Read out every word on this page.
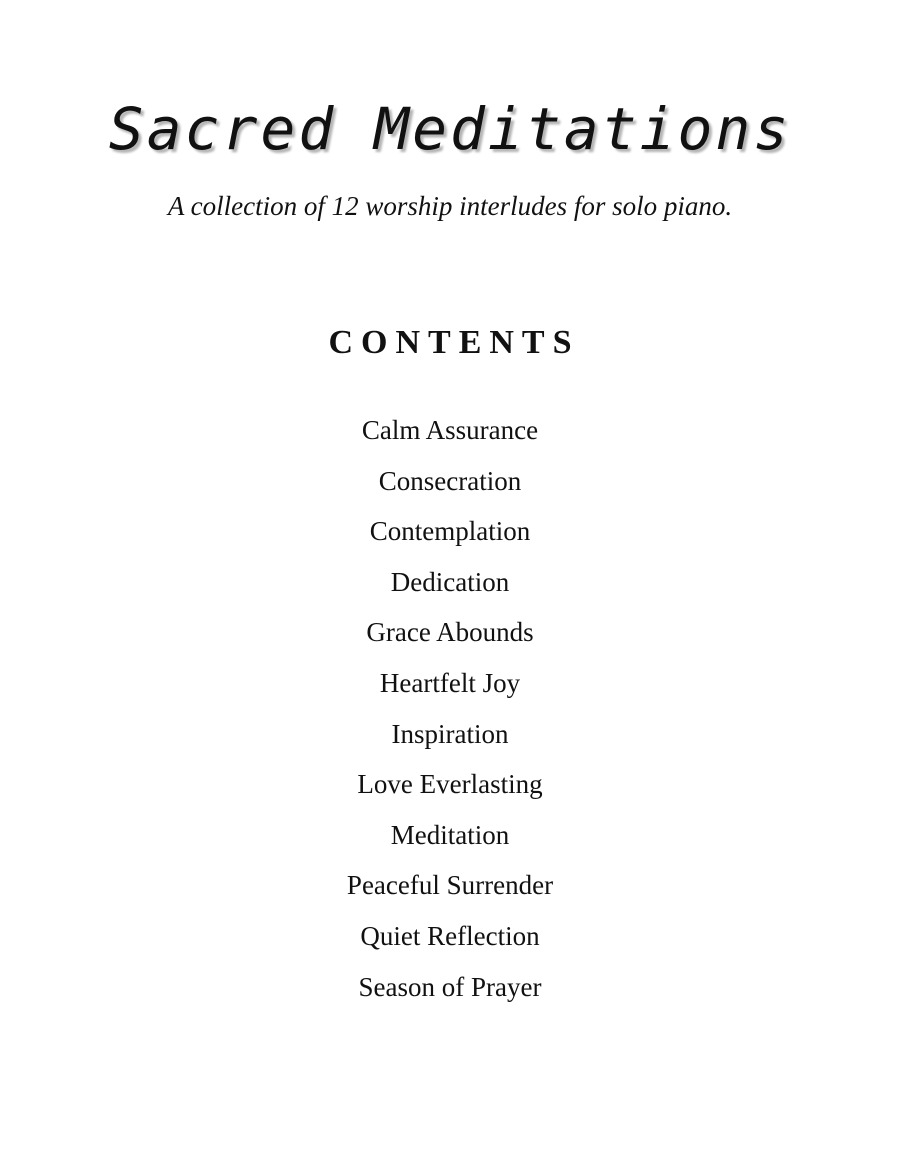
Sacred Meditations

A collection of 12 worship interludes for solo piano.

CONTENTS
Calm Assurance
Consecration
Contemplation
Dedication
Grace Abounds
Heartfelt Joy
Inspiration
Love Everlasting
Meditation
Peaceful Surrender
Quiet Reflection
Season of Prayer
